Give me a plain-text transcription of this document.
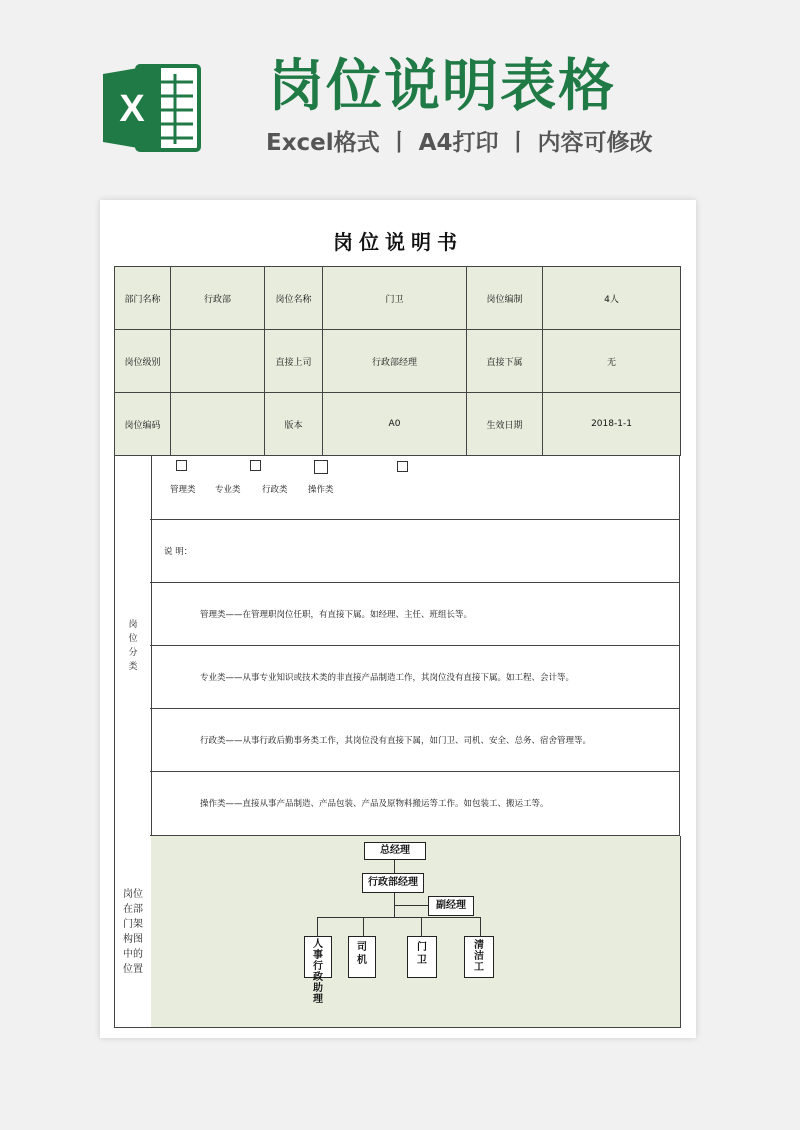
X 岗位说明表格
Excel格式 丨 A4打印 丨 内容可修改
岗位说明书
部门名称	行政部	岗位名称	门卫	岗位编制	4人
岗位级别		直接上司	行政部经理	直接下属	无
岗位编码		版本	A0	生效日期	2018-1-1
岗位分类
管理类 专业类	行政类 操作类
说 明：
管理类——在管理职岗位任职，有直接下属。如经理、主任、班组长等。
专业类——从事专业知识或技术类的非直接产品制造工作，其岗位没有直接下属。如工程、会计等。
行政类——从事行政后勤事务类工作，其岗位没有直接下属，如门卫、司机、安全、总务、宿舍管理等。
操作类——直接从事产品制造、产品包装、产品及原物料搬运等工作。如包装工、搬运工等。
岗位在部门架构图中的位置
总经理
行政部经理
副经理
人事行政助理
司机
门卫
清洁工
